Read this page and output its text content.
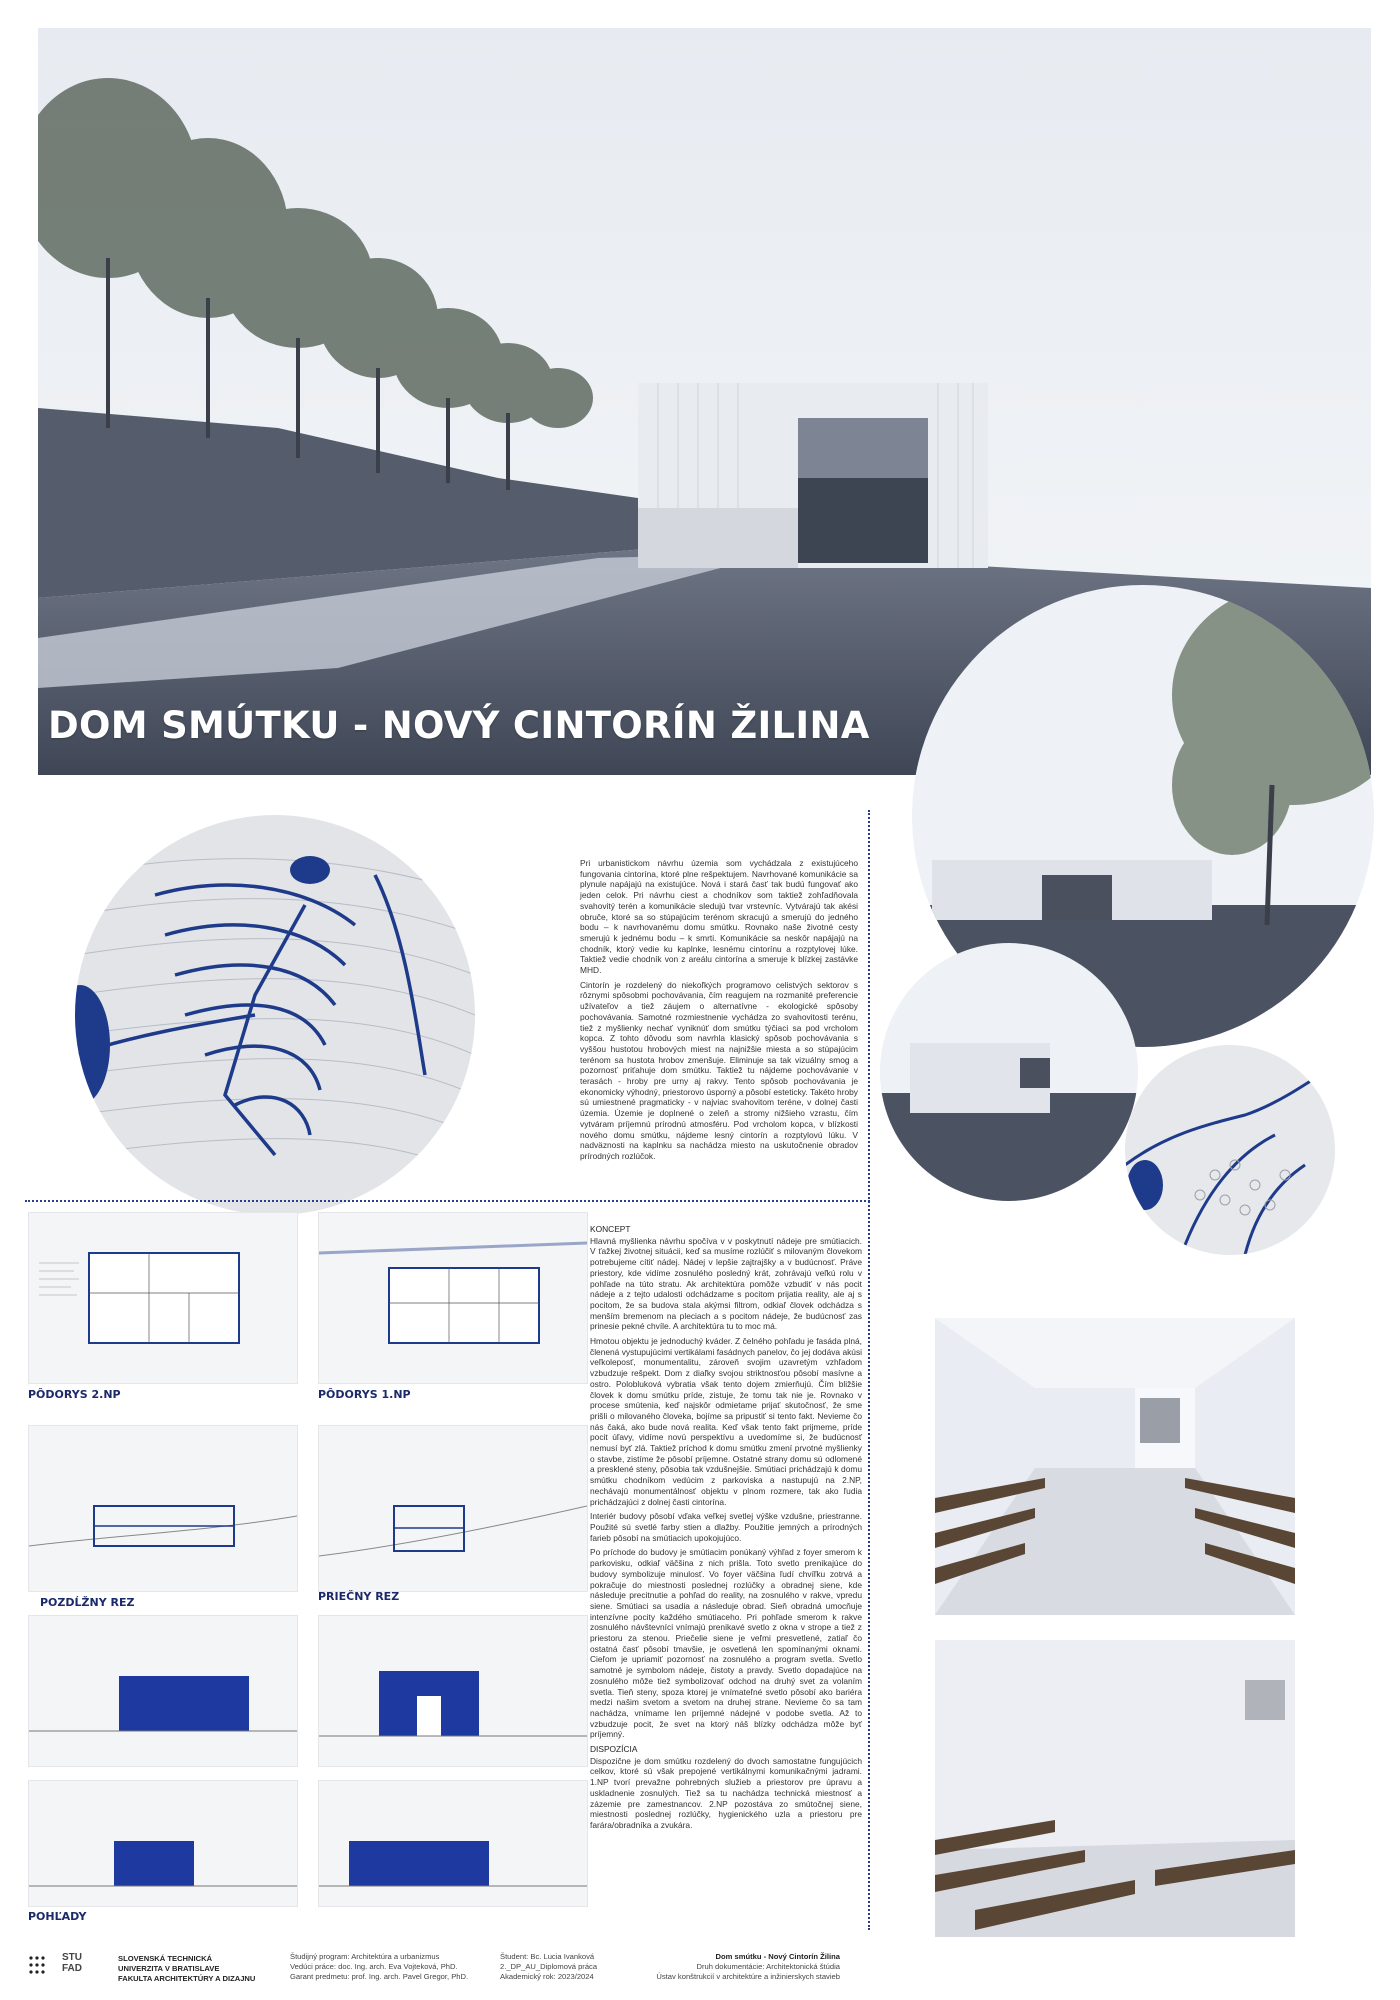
DOM SMÚTKU - NOVÝ CINTORÍN ŽILINA

Pri urbanistickom návrhu územia som vychádzala z existujúceho fungovania cintorína, ktoré plne rešpektujem. Navrhované komunikácie sa plynule napájajú na existujúce. Nová i stará časť tak budú fungovať ako jeden celok. Pri návrhu ciest a chodníkov som taktiež zohľadňovala svahovitý terén a komunikácie sledujú tvar vrstevníc. Vytvárajú tak akési obruče, ktoré sa so stúpajúcim terénom skracujú a smerujú do jedného bodu – k navrhovanému domu smútku. Rovnako naše životné cesty smerujú k jednému bodu – k smrti. Komunikácie sa neskôr napájajú na chodník, ktorý vedie ku kaplnke, lesnému cintorínu a rozptylovej lúke. Taktiež vedie chodník von z areálu cintorína a smeruje k blízkej zastávke MHD.

Cintorín je rozdelený do niekoľkých programovo celistvých sektorov s rôznymi spôsobmi pochovávania, čím reagujem na rozmanité preferencie užívateľov a tiež záujem o alternatívne - ekologické spôsoby pochovávania. Samotné rozmiestnenie vychádza zo svahovitosti terénu, tiež z myšlienky nechať vyniknúť dom smútku týčiaci sa pod vrcholom kopca. Z tohto dôvodu som navrhla klasický spôsob pochovávania s vyššou hustotou hrobových miest na najnižšie miesta a so stúpajúcim terénom sa hustota hrobov zmenšuje. Eliminuje sa tak vizuálny smog a pozornosť priťahuje dom smútku. Taktiež tu nájdeme pochovávanie v terasách - hroby pre urny aj rakvy. Tento spôsob pochovávania je ekonomicky výhodný, priestorovo úsporný a pôsobí esteticky. Takéto hroby sú umiestnené pragmaticky - v najviac svahovitom teréne, v dolnej časti územia. Územie je doplnené o zeleň a stromy nižšieho vzrastu, čím vytváram príjemnú prírodnú atmosféru. Pod vrcholom kopca, v blízkosti nového domu smútku, nájdeme lesný cintorín a rozptylovú lúku. V nadväznosti na kaplnku sa nachádza miesto na uskutočnenie obradov prírodných rozlúčok.

PÔDORYS 2.NP	PÔDORYS 1.NP
POZDĹŽNY REZ	PRIEČNY REZ
POHĽADY
KONCEPT

Hlavná myšlienka návrhu spočíva v v poskytnutí nádeje pre smútiacich. V ťažkej životnej situácii, keď sa musíme rozlúčiť s milovaným človekom potrebujeme cítiť nádej. Nádej v lepšie zajtrajšky a v budúcnosť. Práve priestory, kde vidíme zosnulého posledný krát, zohrávajú veľkú rolu v pohľade na túto stratu. Ak architektúra pomôže vzbudiť v nás pocit nádeje a z tejto udalosti odchádzame s pocitom prijatia reality, ale aj s pocitom, že sa budova stala akýmsi filtrom, odkiaľ človek odchádza s menším bremenom na pleciach a s pocitom nádeje, že budúcnosť zas prinesie pekné chvíle. A architektúra tu to moc má.

Hmotou objektu je jednoduchý kváder. Z čelného pohľadu je fasáda plná, členená vystupujúcimi vertikálami fasádnych panelov, čo jej dodáva akúsi veľkoleposť, monumentalitu, zároveň svojim uzavretým vzhľadom vzbudzuje rešpekt. Dom z diaľky svojou striktnosťou pôsobí masívne a ostro. Polobluková vybratia však tento dojem zmierňujú. Čím bližšie človek k domu smútku príde, zistuje, že tomu tak nie je. Rovnako v procese smútenia, keď najskôr odmietame prijať skutočnosť, že sme prišli o milovaného človeka, bojíme sa pripustiť si tento fakt. Nevieme čo nás čaká, ako bude nová realita. Keď však tento fakt prijmeme, príde pocit úľavy, vidíme novú perspektívu a uvedomíme si, že budúcnosť nemusí byť zlá. Taktiež príchod k domu smútku zmení prvotné myšlienky o stavbe, zistíme že pôsobí príjemne. Ostatné strany domu sú odlomené a presklené steny, pôsobia tak vzdušnejšie. Smútiaci prichádzajú k domu smútku chodníkom vedúcim z parkoviska a nastupujú na 2.NP, nechávajú monumentálnosť objektu v plnom rozmere, tak ako ľudia prichádzajúci z dolnej časti cintorína.

Interiér budovy pôsobí vďaka veľkej svetlej výške vzdušne, priestranne. Použité sú svetlé farby stien a dlažby. Použitie jemných a prírodných farieb pôsobí na smútiacich upokojujúco.

Po príchode do budovy je smútiacim ponúkaný výhľad z foyer smerom k parkovisku, odkiaľ väčšina z nich prišla. Toto svetlo prenikajúce do budovy symbolizuje minulosť. Vo foyer väčšina ľudí chvíľku zotrvá a pokračuje do miestnosti poslednej rozlúčky a obradnej siene, kde následuje precitnutie a pohľad do reality, na zosnulého v rakve, vpredu siene. Smútiaci sa usadia a následuje obrad. Sieň obradná umocňuje intenzívne pocity každého smútiaceho. Pri pohľade smerom k rakve zosnulého návštevníci vnímajú prenikavé svetlo z okna v strope a tiež z priestoru za stenou. Priečelie siene je veľmi presvetlené, zatiaľ čo ostatná časť pôsobí tmavšie, je osvetlená len spomínanými oknami. Cieľom je upriamiť pozornosť na zosnulého a program svetla. Svetlo samotné je symbolom nádeje, čistoty a pravdy. Svetlo dopadajúce na zosnulého môže tiež symbolizovať odchod na druhý svet za volaním svetla. Tieň steny, spoza ktorej je vnímateľné svetlo pôsobí ako bariéra medzi našim svetom a svetom na druhej strane. Nevieme čo sa tam nachádza, vnímame len príjemné nádejné v podobe svetla. Až to vzbudzuje pocit, že svet na ktorý náš blízky odchádza môže byť príjemný.

DISPOZÍCIA

Dispozične je dom smútku rozdelený do dvoch samostatne fungujúcich celkov, ktoré sú však prepojené vertikálnymi komunikačnými jadrami. 1.NP tvorí prevažne pohrebných služieb a priestorov pre úpravu a uskladnenie zosnulých. Tiež sa tu nachádza technická miestnosť a zázemie pre zamestnancov. 2.NP pozostáva zo smútočnej siene, miestnosti poslednej rozlúčky, hygienického uzla a priestoru pre farára/obradníka a zvukára.

STU
FAD
SLOVENSKÁ TECHNICKÁ
UNIVERZITA V BRATISLAVE
FAKULTA ARCHITEKTÚRY A DIZAJNU
Študijný program: Architektúra a urbanizmus
Vedúci práce: doc. Ing. arch. Eva Vojteková, PhD.
Garant predmetu: prof. Ing. arch. Pavel Gregor, PhD.
Študent: Bc. Lucia Ivanková
2._DP_AU_Diplomová práca
Akademický rok: 2023/2024
Dom smútku - Nový Cintorín Žilina
Druh dokumentácie: Architektonická štúdia
Ústav konštrukcií v architektúre a inžinierskych stavieb
